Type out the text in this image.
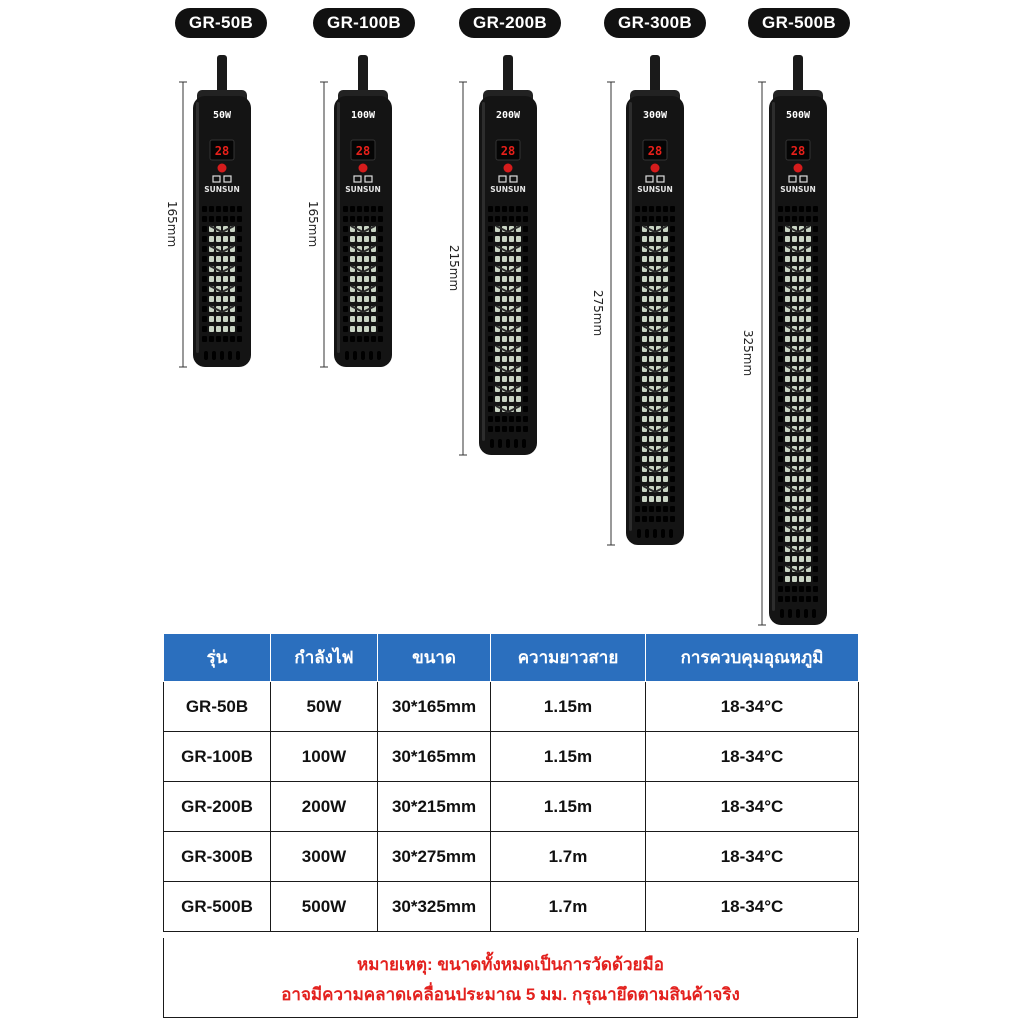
GR-50B	GR-100B	GR-200B	GR-300B	GR-500B
28
SUNSUN
50W
165mm
28
SUNSUN
100W
165mm
28
SUNSUN
200W
215mm
28
SUNSUN
300W
275mm
28
SUNSUN
500W
325mm
รุ่น	กำลังไฟ	ขนาด	ความยาวสาย	การควบคุมอุณหภูมิ
GR-50B	50W	30*165mm	1.15m	18-34°C
GR-100B	100W	30*165mm	1.15m	18-34°C
GR-200B	200W	30*215mm	1.15m	18-34°C
GR-300B	300W	30*275mm	1.7m	18-34°C
GR-500B	500W	30*325mm	1.7m	18-34°C
หมายเหตุ: ขนาดทั้งหมดเป็นการวัดด้วยมือ
อาจมีความคลาดเคลื่อนประมาณ 5 มม. กรุณายึดตามสินค้าจริง
